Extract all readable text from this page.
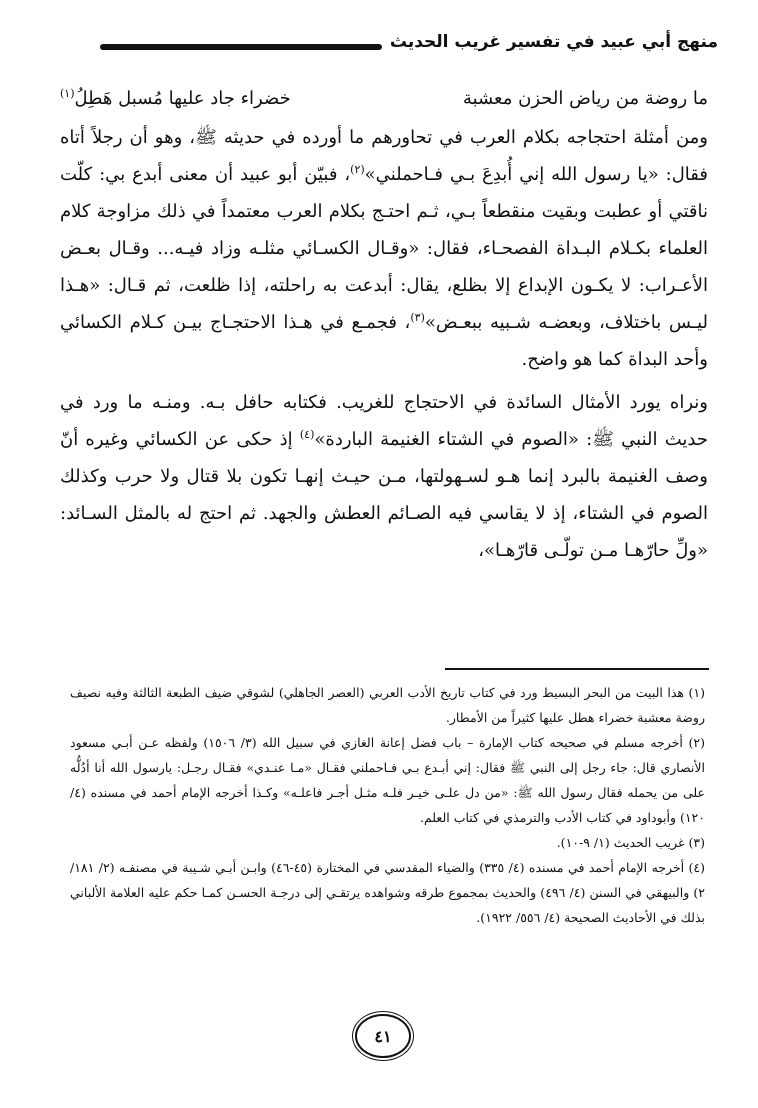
منهج أبي عبيد في تفسير غريب الحديث

ما روضة من رياض الحزن معشبة
خضراء جاد عليها مُسبل هَطِلُ$^{(١)}$

ومن أمثلة احتجاجه بكلام العرب في تحاورهم ما أورده في حديثه ﷺ، وهو أن رجلاً أتاه فقال: «يا رسول الله إني أُبدِعَ بـي فـاحملني»$^{(٢)}$، فبيّن أبو عبيد أن معنى أبدع بي: كلّت ناقتي أو عطبت وبقيت منقطعاً بـي، ثـم احتـج بكلام العرب معتمداً في ذلك مزاوجة كلام العلماء بكـلام البـداة الفصحـاء، فقال: «وقـال الكسـائي مثلـه وزاد فيـه... وقـال بعـض الأعـراب: لا يكـون الإبداع إلا بظلع، يقال: أبدعت به راحلته، إذا ظلعت، ثم قـال: «هـذا ليـس باختلاف، وبعضـه شـبيه ببعـض»$^{(٣)}$، فجمـع في هـذا الاحتجـاج بيـن كـلام الكسائي وأحد البداة كما هو واضح.

ونراه يورد الأمثال السائدة في الاحتجاج للغريب. فكتابه حافل بـه. ومنـه ما ورد في حديث النبي ﷺ: «الصوم في الشتاء الغنيمة الباردة»$^{(٤)}$ إذ حكى عن الكسائي وغيره أنّ وصف الغنيمة بالبرد إنما هـو لسـهولتها، مـن حيـث إنهـا تكون بلا قتال ولا حرب وكذلك الصوم في الشتاء، إذ لا يقاسي فيه الصـائم العطش والجهد. ثم احتج له بالمثل السـائد: «ولِّ حارّهـا مـن تولّـى قارّهـا»،

(١) هذا البيت من البحر البسيط ورد في كتاب تاريخ الأدب العربي (العصر الجاهلي) لشوقي ضيف الطبعة الثالثة وفيه نصيف روضة معشبة خضراء هطل عليها كثيراً من الأمطار.

(٢) أخرجه مسلم في صحيحه كتاب الإمارة – باب فضل إعانة الغازي في سبيل الله (٣/ ١٥٠٦) ولفظه عـن أبـي مسعود الأنصاري قال: جاء رجل إلى النبي ﷺ فقال: إني أبـدع بـي فـاحملني فقـال «مـا عنـدي» فقـال رجـل: يارسول الله أنا أدُلُّه على من يحمله فقال رسول الله ﷺ: «من دل علـى خيـر فلـه مثـل أجـر فاعلـه» وكـذا أخرجه الإمام أحمد في مسنده (٤/ ١٢٠) وأبوداود في كتاب الأدب والترمذي في كتاب العلم.

(٣) غريب الحديث (١/ ٩-١٠).

(٤) أخرجه الإمام أحمد في مسنده (٤/ ٣٣٥) والضياء المقدسي في المختارة (٤٥-٤٦) وابـن أبـي شـيبة في مصنفـه (٢/ ١٨١/ ٢) والبيهقي في السنن (٤/ ٤٩٦) والحديث بمجموع طرقه وشواهده يرتقـي إلى درجـة الحسـن كمـا حكم عليه العلامة الألباني بذلك في الأحاديث الصحيحة (٤/ ٥٥٦/ ١٩٢٢).

٤١
